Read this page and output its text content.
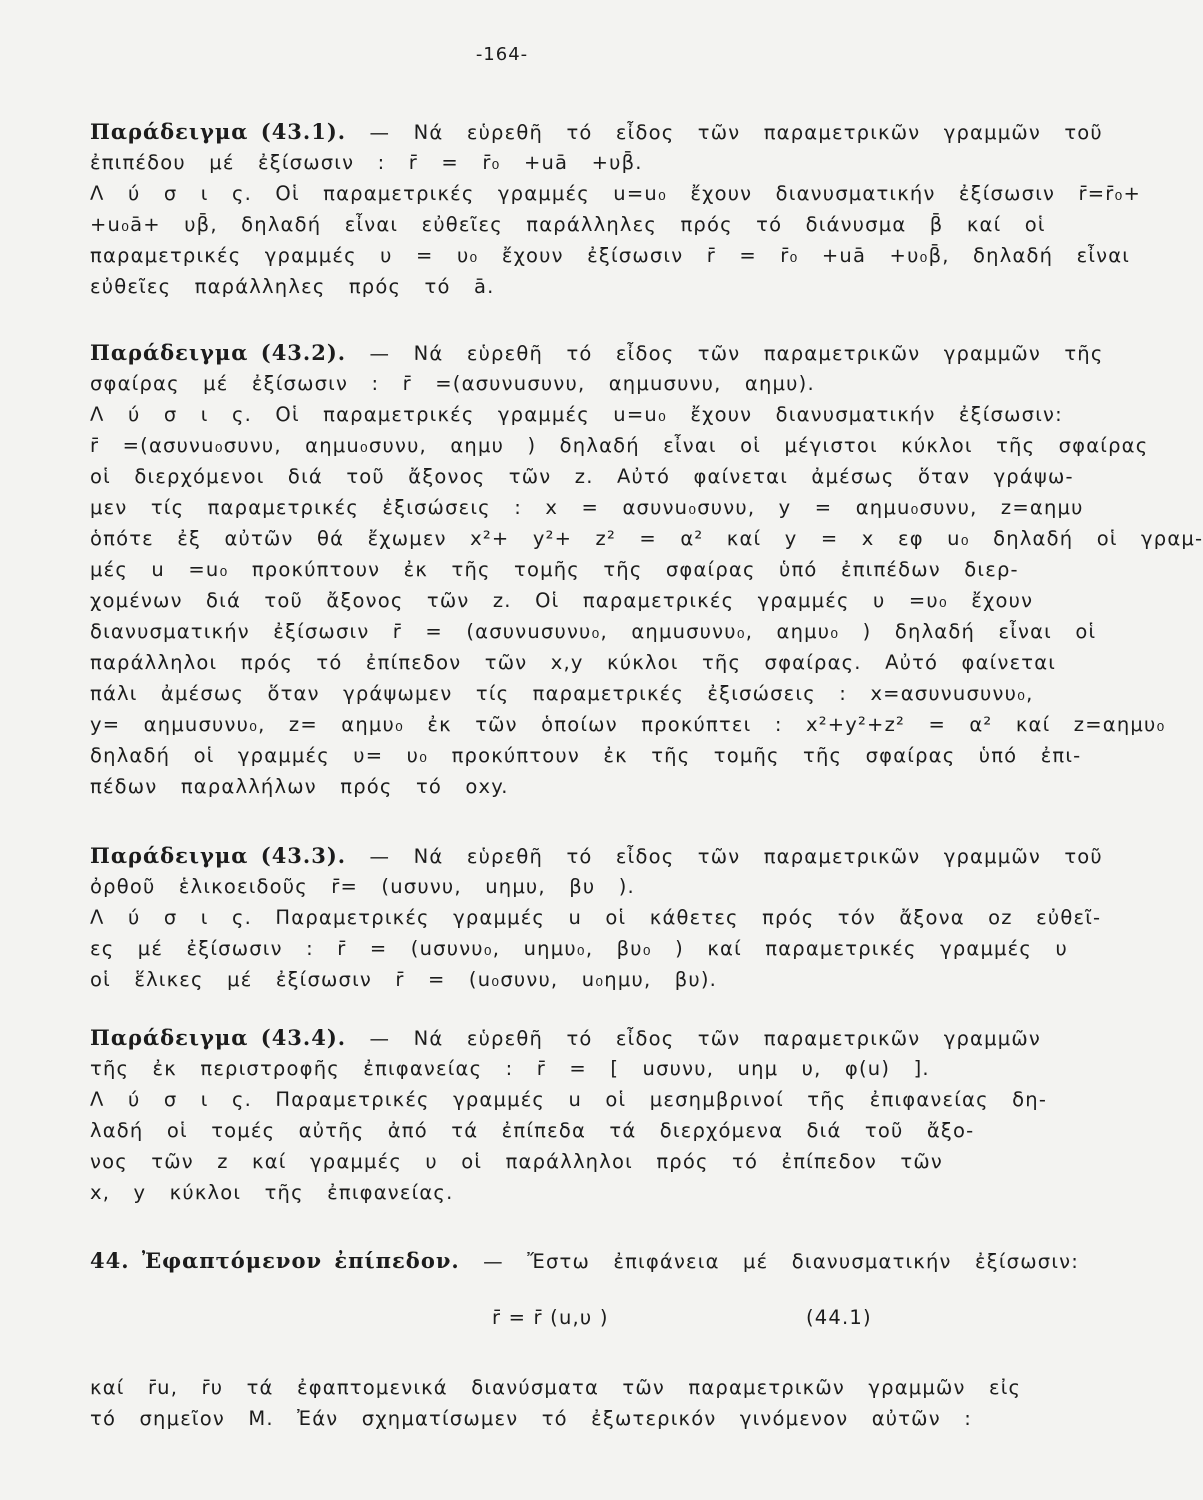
-164-
Παράδειγμα (43.1). — Νά εὑρεθῆ τό εἶδος τῶν παραμετρικῶν γραμμῶν τοῦ
ἐπιπέδου μέ ἐξίσωσιν : r̄ = r̄₀ +uā +υβ̄.
Λ ύ σ ι ς. Οἱ παραμετρικές γραμμές u=u₀ ἔχουν διανυσματικήν ἐξίσωσιν r̄=r̄₀+
+u₀ā+ υβ̄, δηλαδή εἶναι εὐθεῖες παράλληλες πρός τό διάνυσμα β̄ καί οἱ
παραμετρικές γραμμές υ = υ₀ ἔχουν ἐξίσωσιν r̄ = r̄₀ +uā +υ₀β̄, δηλαδή εἶναι
εὐθεῖες παράλληλες πρός τό ā.
Παράδειγμα (43.2). — Νά εὑρεθῆ τό εἶδος τῶν παραμετρικῶν γραμμῶν τῆς
σφαίρας μέ ἐξίσωσιν : r̄ =(ασυνuσυνυ, αημuσυνυ, αημυ).
Λ ύ σ ι ς. Οἱ παραμετρικές γραμμές u=u₀ ἔχουν διανυσματικήν ἐξίσωσιν:
r̄ =(ασυνu₀συνυ, αημu₀συνυ, αημυ ) δηλαδή εἶναι οἱ μέγιστοι κύκλοι τῆς σφαίρας
οἱ διερχόμενοι διά τοῦ ἄξονος τῶν z. Αὐτό φαίνεται ἀμέσως ὅταν γράψω-
μεν τίς παραμετρικές ἐξισώσεις : x = ασυνu₀συνυ, y = αημu₀συνυ, z=αημυ
ὁπότε ἐξ αὐτῶν θά ἔχωμεν x²+ y²+ z² = α² καί y = x εφ u₀ δηλαδή οἱ γραμ-
μές u =u₀ προκύπτουν ἐκ τῆς τομῆς τῆς σφαίρας ὑπό ἐπιπέδων διερ-
χομένων διά τοῦ ἄξονος τῶν z. Οἱ παραμετρικές γραμμές υ =υ₀ ἔχουν
διανυσματικήν ἐξίσωσιν r̄ = (ασυνuσυνυ₀, αημuσυνυ₀, αημυ₀ ) δηλαδή εἶναι οἱ
παράλληλοι πρός τό ἐπίπεδον τῶν x,y κύκλοι τῆς σφαίρας. Αὐτό φαίνεται
πάλι ἀμέσως ὅταν γράψωμεν τίς παραμετρικές ἐξισώσεις : x=ασυνuσυνυ₀,
y= αημuσυνυ₀, z= αημυ₀ ἐκ τῶν ὁποίων προκύπτει : x²+y²+z² = α² καί z=αημυ₀
δηλαδή οἱ γραμμές υ= υ₀ προκύπτουν ἐκ τῆς τομῆς τῆς σφαίρας ὑπό ἐπι-
πέδων παραλλήλων πρός τό οxy.
Παράδειγμα (43.3). — Νά εὑρεθῆ τό εἶδος τῶν παραμετρικῶν γραμμῶν τοῦ
ὀρθοῦ ἑλικοειδοῦς r̄= (uσυνυ, uημυ, βυ ).
Λ ύ σ ι ς. Παραμετρικές γραμμές u οἱ κάθετες πρός τόν ἄξονα οz εὐθεῖ-
ες μέ ἐξίσωσιν : r̄ = (uσυνυ₀, uημυ₀, βυ₀ ) καί παραμετρικές γραμμές υ
οἱ ἕλικες μέ ἐξίσωσιν r̄ = (u₀συνυ, u₀ημυ, βυ).
Παράδειγμα (43.4). — Νά εὑρεθῆ τό εἶδος τῶν παραμετρικῶν γραμμῶν
τῆς ἐκ περιστροφῆς ἐπιφανείας : r̄ = [ uσυνυ, uημ υ, φ(u) ].
Λ ύ σ ι ς. Παραμετρικές γραμμές u οἱ μεσημβρινοί τῆς ἐπιφανείας δη-
λαδή οἱ τομές αὐτῆς ἀπό τά ἐπίπεδα τά διερχόμενα διά τοῦ ἄξο-
νος τῶν z καί γραμμές υ οἱ παράλληλοι πρός τό ἐπίπεδον τῶν
x, y κύκλοι τῆς ἐπιφανείας.
44. Ἐφαπτόμενον ἐπίπεδον. — Ἔστω ἐπιφάνεια μέ διανυσματικήν ἐξίσωσιν:
r̄ = r̄ (u,υ )	(44.1)
καί r̄u, r̄υ τά ἐφαπτομενικά διανύσματα τῶν παραμετρικῶν γραμμῶν εἰς
τό σημεῖον M. Ἐάν σχηματίσωμεν τό ἐξωτερικόν γινόμενον αὐτῶν :
